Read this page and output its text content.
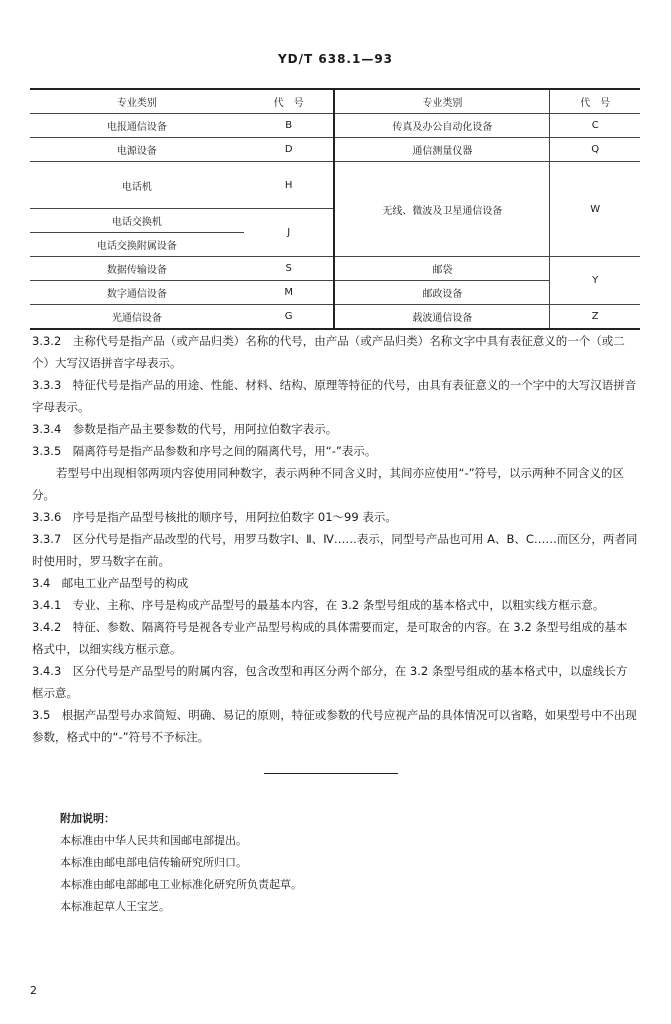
YD/T 638.1—93
专业类别	代　号	专业类别	代　号
电报通信设备	B	传真及办公自动化设备	C
电源设备	D	通信测量仪器	Q
电话机	H	无线、微波及卫星通信设备	W
电话交换机	J		
电话交换附属设备			
数据传输设备	S	邮袋	Y
数字通信设备	M	邮政设备	
光通信设备	G	载波通信设备	Z

3.3.2　主称代号是指产品（或产品归类）名称的代号，由产品（或产品归类）名称文字中具有表征意义的一个（或二个）大写汉语拼音字母表示。

3.3.3　特征代号是指产品的用途、性能、材料、结构、原理等特征的代号，由具有表征意义的一个字中的大写汉语拼音字母表示。

3.3.4　参数是指产品主要参数的代号，用阿拉伯数字表示。

3.3.5　隔离符号是指产品参数和序号之间的隔离代号，用“-”表示。

若型号中出现相邻两项内容使用同种数字，表示两种不同含义时，其间亦应使用“-”符号，以示两种不同含义的区分。

3.3.6　序号是指产品型号核批的顺序号，用阿拉伯数字 01～99 表示。

3.3.7　区分代号是指产品改型的代号，用罗马数字Ⅰ、Ⅱ、Ⅳ……表示，同型号产品也可用 A、B、C……而区分，两者同时使用时，罗马数字在前。

3.4　邮电工业产品型号的构成

3.4.1　专业、主称、序号是构成产品型号的最基本内容，在 3.2 条型号组成的基本格式中，以粗实线方框示意。

3.4.2　特征、参数、隔离符号是视各专业产品型号构成的具体需要而定，是可取舍的内容。在 3.2 条型号组成的基本格式中，以细实线方框示意。

3.4.3　区分代号是产品型号的附属内容，包含改型和再区分两个部分，在 3.2 条型号组成的基本格式中，以虚线长方框示意。

3.5　根据产品型号办求简短、明确、易记的原则，特征或参数的代号应视产品的具体情况可以省略，如果型号中不出现参数，格式中的“-”符号不予标注。

附加说明：

本标准由中华人民共和国邮电部提出。

本标准由邮电部电信传输研究所归口。

本标准由邮电部邮电工业标准化研究所负责起草。

本标准起草人王宝芝。

2
